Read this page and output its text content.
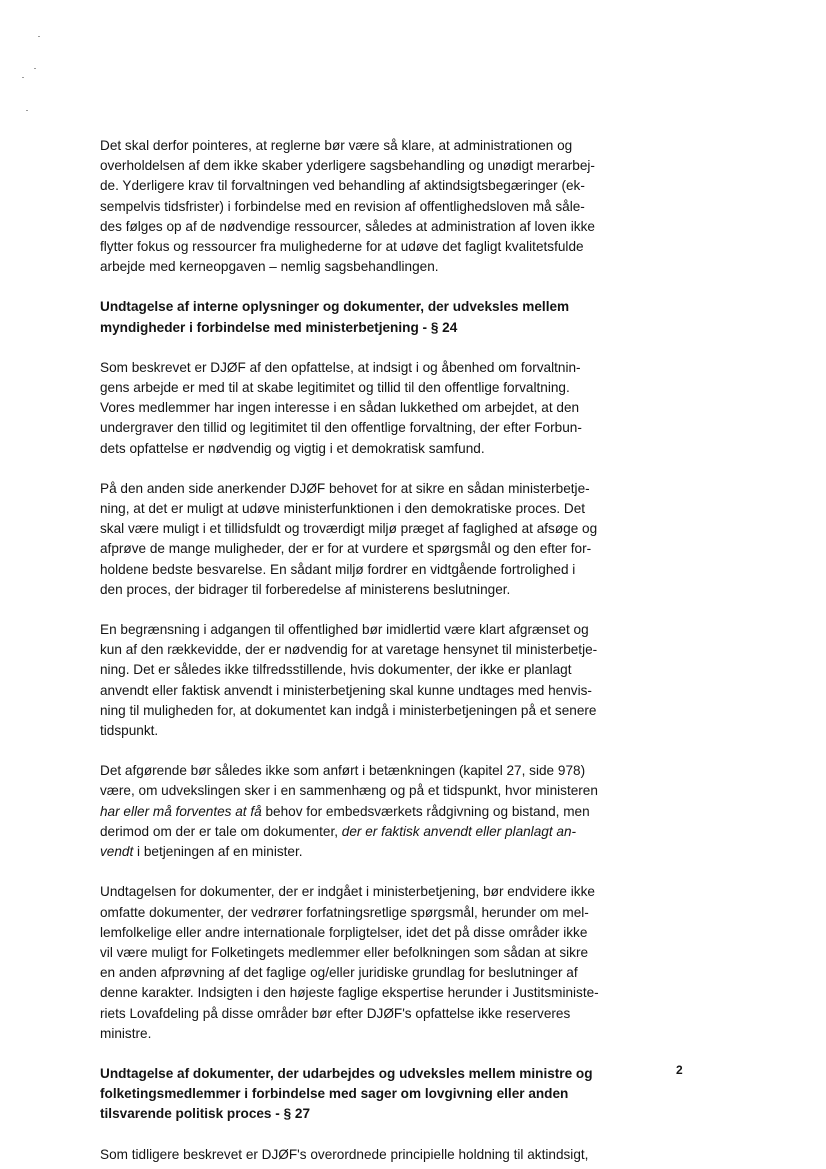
Det skal derfor pointeres, at reglerne bør være så klare, at administrationen og
overholdelsen af dem ikke skaber yderligere sagsbehandling og unødigt merarbej-
de. Yderligere krav til forvaltningen ved behandling af aktindsigtsbegæringer (ek-
sempelvis tidsfrister) i forbindelse med en revision af offentlighedsloven må såle-
des følges op af de nødvendige ressourcer, således at administration af loven ikke
flytter fokus og ressourcer fra mulighederne for at udøve det fagligt kvalitetsfulde
arbejde med kerneopgaven – nemlig sagsbehandlingen.

Undtagelse af interne oplysninger og dokumenter, der udveksles mellem
myndigheder i forbindelse med ministerbetjening - § 24

Som beskrevet er DJØF af den opfattelse, at indsigt i og åbenhed om forvaltnin-
gens arbejde er med til at skabe legitimitet og tillid til den offentlige forvaltning.
Vores medlemmer har ingen interesse i en sådan lukkethed om arbejdet, at den
undergraver den tillid og legitimitet til den offentlige forvaltning, der efter Forbun-
dets opfattelse er nødvendig og vigtig i et demokratisk samfund.

På den anden side anerkender DJØF behovet for at sikre en sådan ministerbetje-
ning, at det er muligt at udøve ministerfunktionen i den demokratiske proces. Det
skal være muligt i et tillidsfuldt og troværdigt miljø præget af faglighed at afsøge og
afprøve de mange muligheder, der er for at vurdere et spørgsmål og den efter for-
holdene bedste besvarelse. En sådant miljø fordrer en vidtgående fortrolighed i
den proces, der bidrager til forberedelse af ministerens beslutninger.

En begrænsning i adgangen til offentlighed bør imidlertid være klart afgrænset og
kun af den rækkevidde, der er nødvendig for at varetage hensynet til ministerbetje-
ning. Det er således ikke tilfredsstillende, hvis dokumenter, der ikke er planlagt
anvendt eller faktisk anvendt i ministerbetjening skal kunne undtages med henvis-
ning til muligheden for, at dokumentet kan indgå i ministerbetjeningen på et senere
tidspunkt.

Det afgørende bør således ikke som anført i betænkningen (kapitel 27, side 978)
være, om udvekslingen sker i en sammenhæng og på et tidspunkt, hvor ministeren
har eller må forventes at få behov for embedsværkets rådgivning og bistand, men
derimod om der er tale om dokumenter, der er faktisk anvendt eller planlagt an-
vendt i betjeningen af en minister.

Undtagelsen for dokumenter, der er indgået i ministerbetjening, bør endvidere ikke
omfatte dokumenter, der vedrører forfatningsretlige spørgsmål, herunder om mel-
lemfolkelige eller andre internationale forpligtelser, idet det på disse områder ikke
vil være muligt for Folketingets medlemmer eller befolkningen som sådan at sikre
en anden afprøvning af det faglige og/eller juridiske grundlag for beslutninger af
denne karakter. Indsigten i den højeste faglige ekspertise herunder i Justitsministe-
riets Lovafdeling på disse områder bør efter DJØF's opfattelse ikke reserveres
ministre.

Undtagelse af dokumenter, der udarbejdes og udveksles mellem ministre og
folketingsmedlemmer i forbindelse med sager om lovgivning eller anden
tilsvarende politisk proces - § 27

Som tidligere beskrevet er DJØF's overordnede principielle holdning til aktindsigt,

2
